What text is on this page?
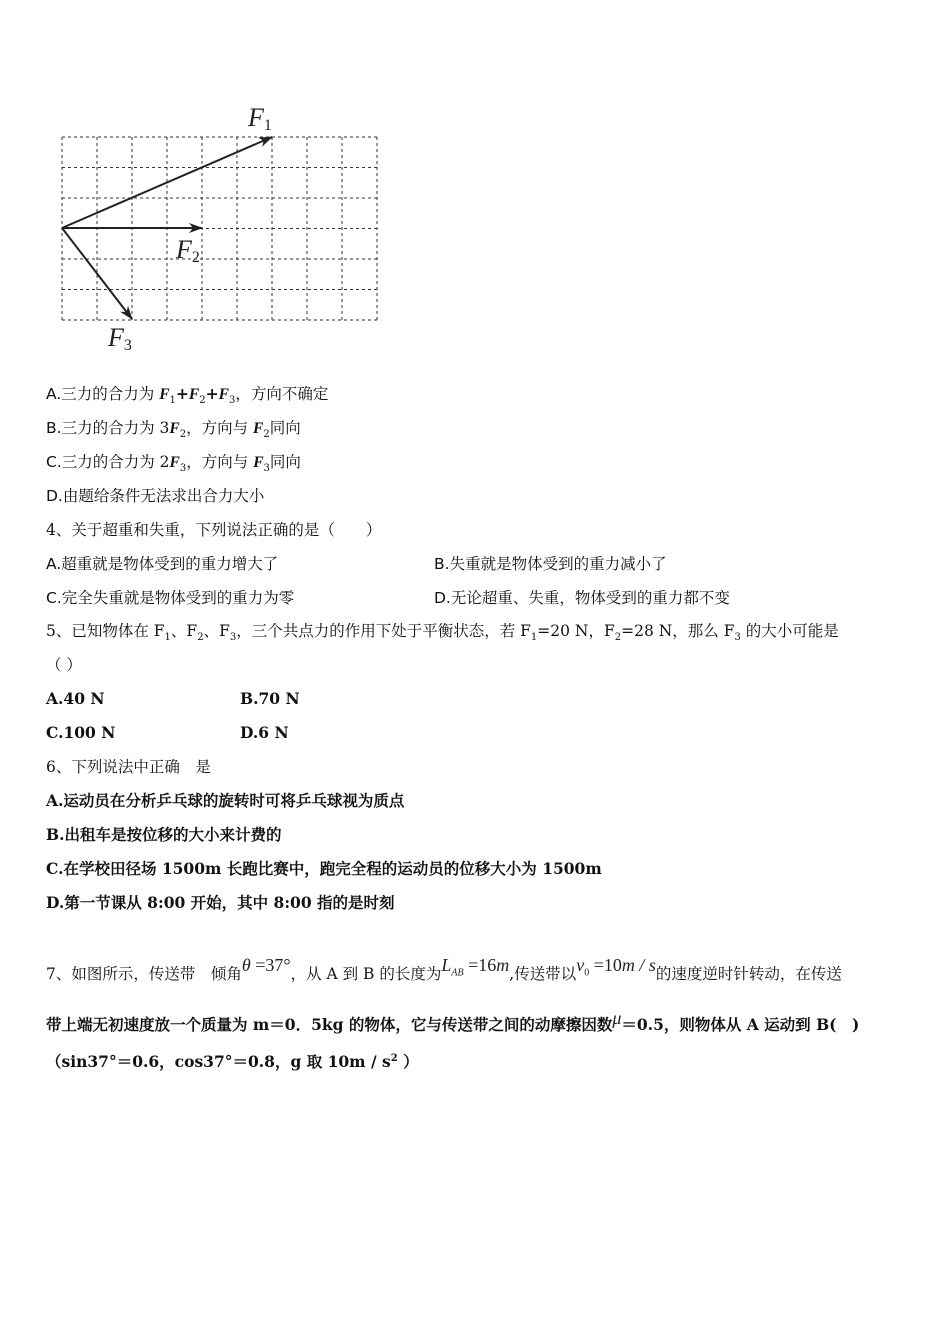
F1
F2
F3
A.三力的合力为 $F_1+F_2+F_3$，方向不确定
B.三力的合力为 $3F_2$，方向与 $F_2$同向
C.三力的合力为 $2F_3$，方向与 $F_3$同向
D.由题给条件无法求出合力大小
4、关于超重和失重，下列说法正确的是（　　）
A.超重就是物体受到的重力增大了	B.失重就是物体受到的重力减小了
C.完全失重就是物体受到的重力为零	D.无论超重、失重，物体受到的重力都不变
5、已知物体在 $F_1$、$F_2$、$F_3$，三个共点力的作用下处于平衡状态，若 $F_1=20$ N，$F_2=28$ N，那么 $F_3$ 的大小可能是
（ ）
A.40 N	B.70 N
C.100 N	D.6 N
6、下列说法中正确　是
A.运动员在分析乒乓球的旋转时可将乒乓球视为质点
B.出租车是按位移的大小来计费的
C.在学校田径场 1500m 长跑比赛中，跑完全程的运动员的位移大小为 1500m
D.第一节课从 8:00 开始，其中 8:00 指的是时刻
7、如图所示，传送带　倾角θ =37°，从 A 到 B 的长度为$L_{AB} =16m$,传送带以$v_0 =10m / s$的速度逆时针转动，在传送
带上端无初速度放一个质量为 m＝0．5kg 的物体，它与传送带之间的动摩擦因数μ＝0.5，则物体从 A 运动到 B(　)
（sin37°＝0.6，cos37°＝0.8，g 取 $10m / s^2$ ）
